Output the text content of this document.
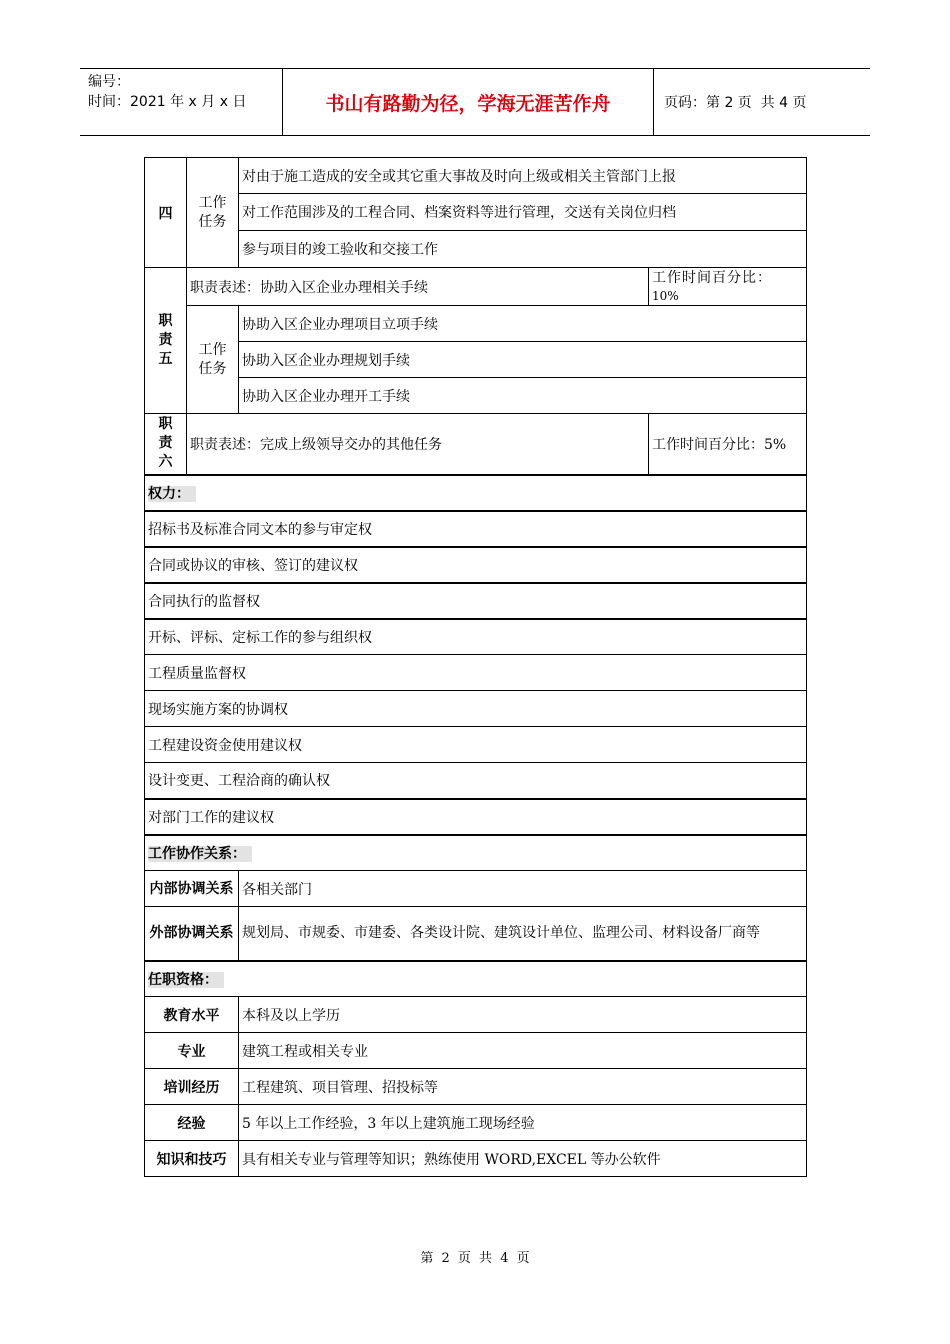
编号：
时间：2021 年 x 月 x 日	书山有路勤为径，学海无涯苦作舟	页码：第 2 页  共 4 页
四	工作任务	对由于施工造成的安全或其它重大事故及时向上级或相关主管部门上报	
		对工作范围涉及的工程合同、档案资料等进行管理，交送有关岗位归档	
		参与项目的竣工验收和交接工作	

职责五	职责表述：协助入区企业办理相关手续		工作时间百分比：
10%

	工作任务	协助入区企业办理项目立项手续	
		协助入区企业办理规划手续	
		协助入区企业办理开工手续	

职责六	职责表述：完成上级领导交办的其他任务		工作时间百分比：5%
权力：			
招标书及标准合同文本的参与审定权			
合同或协议的审核、签订的建议权			
合同执行的监督权			
开标、评标、定标工作的参与组织权			
工程质量监督权			
现场实施方案的协调权			
工程建设资金使用建议权			
设计变更、工程洽商的确认权			
对部门工作的建议权			
工作协作关系：			
内部协调关系		各相关部门	
外部协调关系		规划局、市规委、市建委、各类设计院、建筑设计单位、监理公司、材料设备厂商等	
任职资格：			
教育水平		本科及以上学历	
专业		建筑工程或相关专业	
培训经历		工程建筑、项目管理、招投标等	
经验		5 年以上工作经验，3 年以上建筑施工现场经验	
知识和技巧		具有相关专业与管理等知识；熟练使用 WORD,EXCEL 等办公软件	
第 2 页 共 4 页
